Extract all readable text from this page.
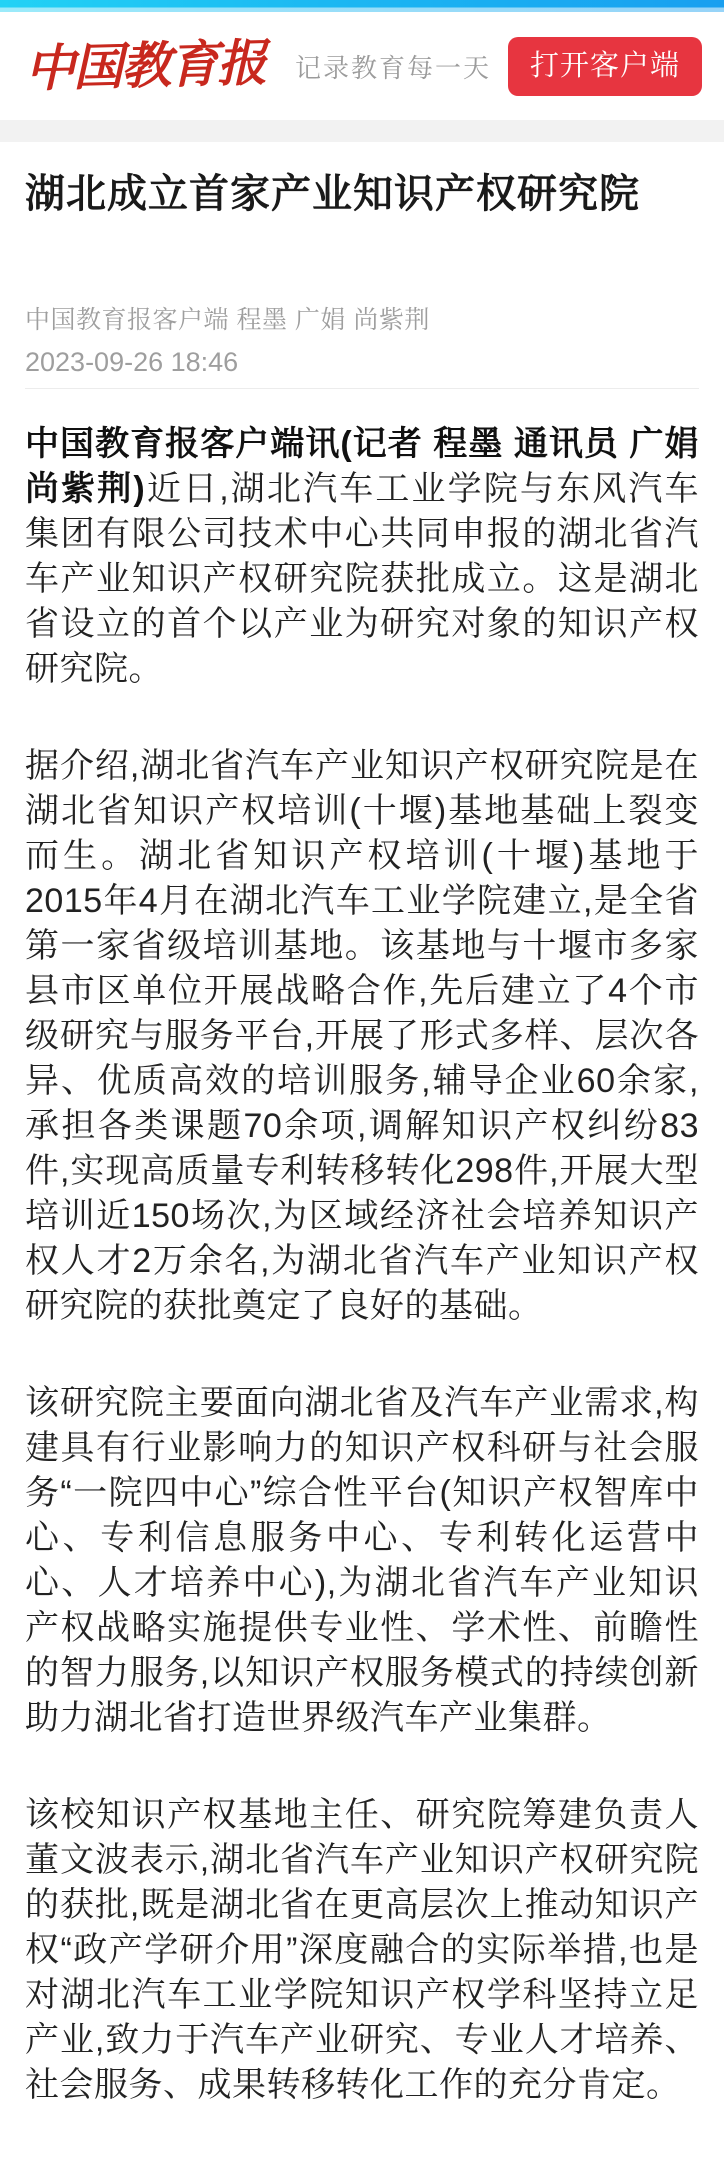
中国教育报 记录教育每一天	打开客户端
湖北成立首家产业知识产权研究院
中国教育报客户端 程墨 广娟 尚紫荆
2023-09-26 18:46

中国教育报客户端讯(记者 程墨 通讯员 广娟 尚紫荆)近日,湖北汽车工业学院与东风汽车集团有限公司技术中心共同申报的湖北省汽车产业知识产权研究院获批成立。这是湖北省设立的首个以产业为研究对象的知识产权研究院。

据介绍,湖北省汽车产业知识产权研究院是在湖北省知识产权培训(十堰)基地基础上裂变而生。湖北省知识产权培训(十堰)基地于2015年4月在湖北汽车工业学院建立,是全省第一家省级培训基地。该基地与十堰市多家县市区单位开展战略合作,先后建立了4个市级研究与服务平台,开展了形式多样、层次各异、优质高效的培训服务,辅导企业60余家,承担各类课题70余项,调解知识产权纠纷83件,实现高质量专利转移转化298件,开展大型培训近150场次,为区域经济社会培养知识产权人才2万余名,为湖北省汽车产业知识产权研究院的获批奠定了良好的基础。

该研究院主要面向湖北省及汽车产业需求,构建具有行业影响力的知识产权科研与社会服务“一院四中心”综合性平台(知识产权智库中心、专利信息服务中心、专利转化运营中心、人才培养中心),为湖北省汽车产业知识产权战略实施提供专业性、学术性、前瞻性的智力服务,以知识产权服务模式的持续创新助力湖北省打造世界级汽车产业集群。

该校知识产权基地主任、研究院筹建负责人董文波表示,湖北省汽车产业知识产权研究院的获批,既是湖北省在更高层次上推动知识产权“政产学研介用”深度融合的实际举措,也是对湖北汽车工业学院知识产权学科坚持立足产业,致力于汽车产业研究、专业人才培养、社会服务、成果转移转化工作的充分肯定。
